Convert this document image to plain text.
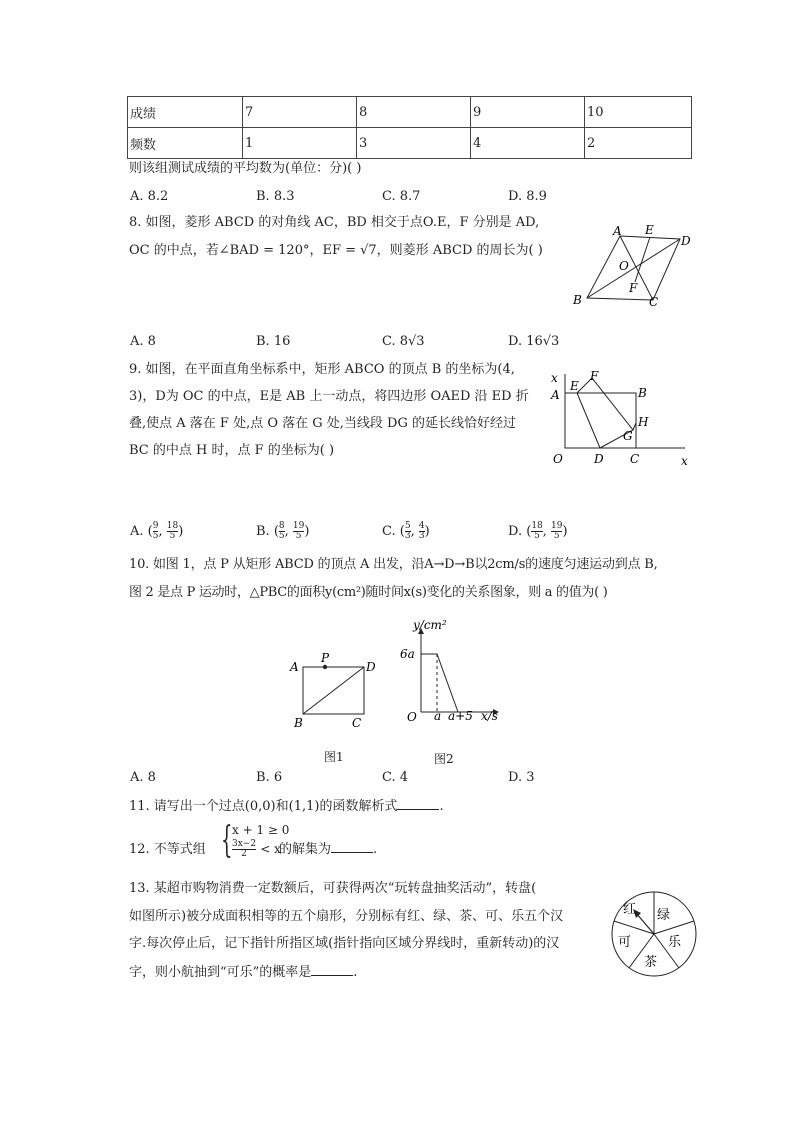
成绩	7	8	9	10
频数	1	3	4	2
则该组测试成绩的平均数为(单位：分)( )
A. 8.2	B. 8.3	C. 8.7	D. 8.9
8. 如图，菱形 ABCD 的对角线 AC，BD 相交于点O.E，F 分别是 AD,
OC 的中点，若∠BAD = 120°，EF = √7，则菱形 ABCD 的周长为( )
A E
D
O
B
F
C
A. 8	B. 16	C. 8√3	D. 16√3
9. 如图，在平面直角坐标系中，矩形 ABCO 的顶点 B 的坐标为(4,
3)，D为 OC 的中点，E是 AB 上一动点，将四边形 OAED 沿 ED 折
叠,使点 A 落在 F 处,点 O 落在 G 处,当线段 DG 的延长线恰好经过
BC 的中点 H 时，点 F 的坐标为( )
x
E
F
B
A
H
G
O	D C	x
A. ( $\frac{9}{5}$ , $\frac{18}{5}$ )	B. ( $\frac{8}{5}$ , $\frac{19}{5}$ )	C. ( $\frac{5}{3}$ , $\frac{4}{3}$ )	D. ( $\frac{18}{5}$ , $\frac{19}{5}$ )
10. 如图 1，点 P 从矩形 ABCD 的顶点 A 出发，沿A→D→B以2cm/s的速度匀速运动到点 B,
图 2 是点 P 运动时，△PBC的面积y(cm²)随时间x(s)变化的关系图象，则 a 的值为( )
A
P
D
B	C
图1
y/cm²
6a
O a a+5 x/s
图2
A. 8	B. 6	C. 4	D. 3
11. 请写出一个过点(0,0)和(1,1)的函数解析式	.
12. 不等式组 { x + 1 ≥ 0
$\frac{3x-2}{2} < x$
的解集为	.
13. 某超市购物消费一定数额后，可获得两次“玩转盘抽奖活动”，转盘(
如图所示)被分成面积相等的五个扇形，分别标有红、绿、茶、可、乐五个汉
字.每次停止后，记下指针所指区域(指针指向区域分界线时，重新转动)的汉
字，则小航抽到“可乐”的概率是	.
红 绿
乐
茶
可
